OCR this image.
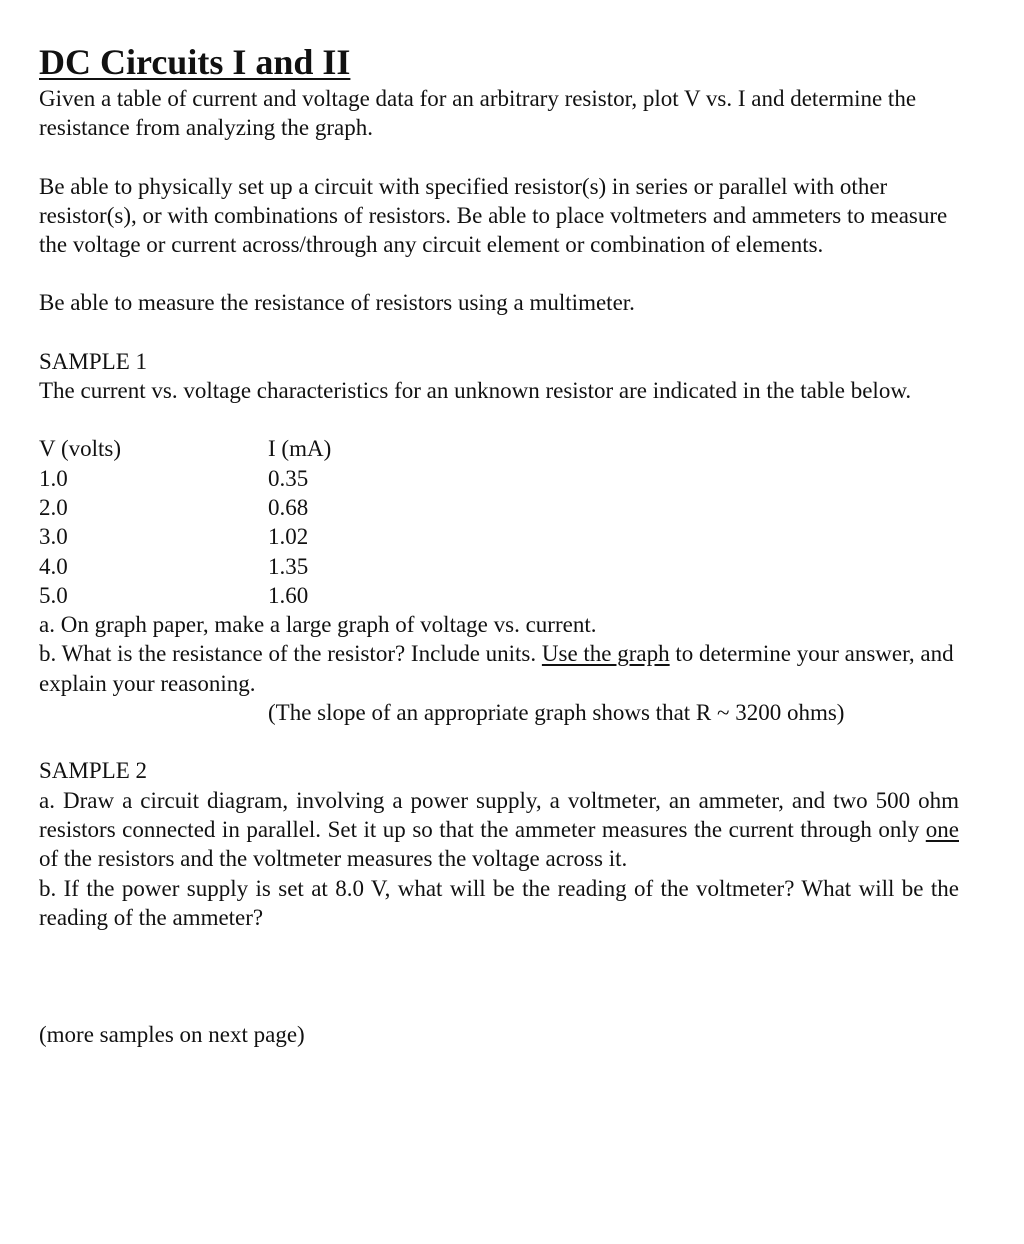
DC Circuits I and II

Given a table of current and voltage data for an arbitrary resistor, plot V vs. I and determine the resistance from analyzing the graph.

Be able to physically set up a circuit with specified resistor(s) in series or parallel with other resistor(s), or with combinations of resistors. Be able to place voltmeters and ammeters to measure the voltage or current across/through any circuit element or combination of elements.

Be able to measure the resistance of resistors using a multimeter.

SAMPLE 1

The current vs. voltage characteristics for an unknown resistor are indicated in the table below.

V (volts)	I (mA)
1.0	0.35
2.0	0.68
3.0	1.02
4.0	1.35
5.0	1.60

a. On graph paper, make a large graph of voltage vs. current.

b. What is the resistance of the resistor? Include units. Use the graph to determine your answer, and explain your reasoning.

(The slope of an appropriate graph shows that R ~ 3200 ohms)

SAMPLE 2

a. Draw a circuit diagram, involving a power supply, a voltmeter, an ammeter, and two 500 ohm resistors connected in parallel. Set it up so that the ammeter measures the current through only one of the resistors and the voltmeter measures the voltage across it.

b. If the power supply is set at 8.0 V, what will be the reading of the voltmeter? What will be the reading of the ammeter?

(more samples on next page)
